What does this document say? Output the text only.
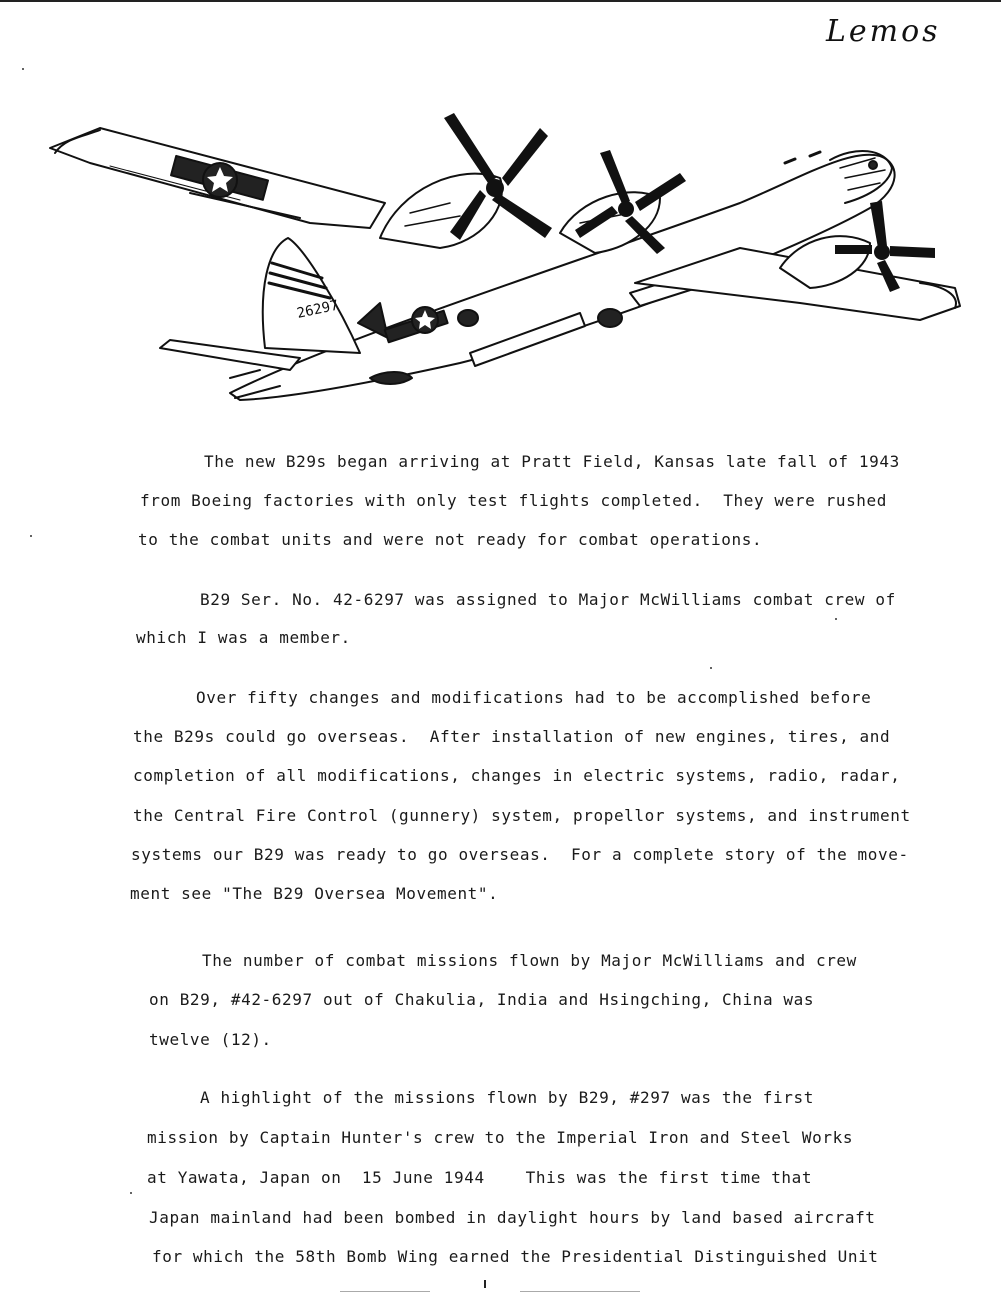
Lemos
26297
The new B29s began arriving at Pratt Field, Kansas late fall of 1943
from Boeing factories with only test flights completed.  They were rushed
to the combat units and were not ready for combat operations.
B29 Ser. No. 42-6297 was assigned to Major McWilliams combat crew of
which I was a member.
Over fifty changes and modifications had to be accomplished before
the B29s could go overseas.  After installation of new engines, tires, and
completion of all modifications, changes in electric systems, radio, radar,
the Central Fire Control (gunnery) system, propellor systems, and instrument
systems our B29 was ready to go overseas.  For a complete story of the move-
ment see "The B29 Oversea Movement".
The number of combat missions flown by Major McWilliams and crew
on B29, #42-6297 out of Chakulia, India and Hsingching, China was
twelve (12).
A highlight of the missions flown by B29, #297 was the first
mission by Captain Hunter's crew to the Imperial Iron and Steel Works
at Yawata, Japan on  15 June 1944    This was the first time that
Japan mainland had been bombed in daylight hours by land based aircraft
for which the 58th Bomb Wing earned the Presidential Distinguished Unit
